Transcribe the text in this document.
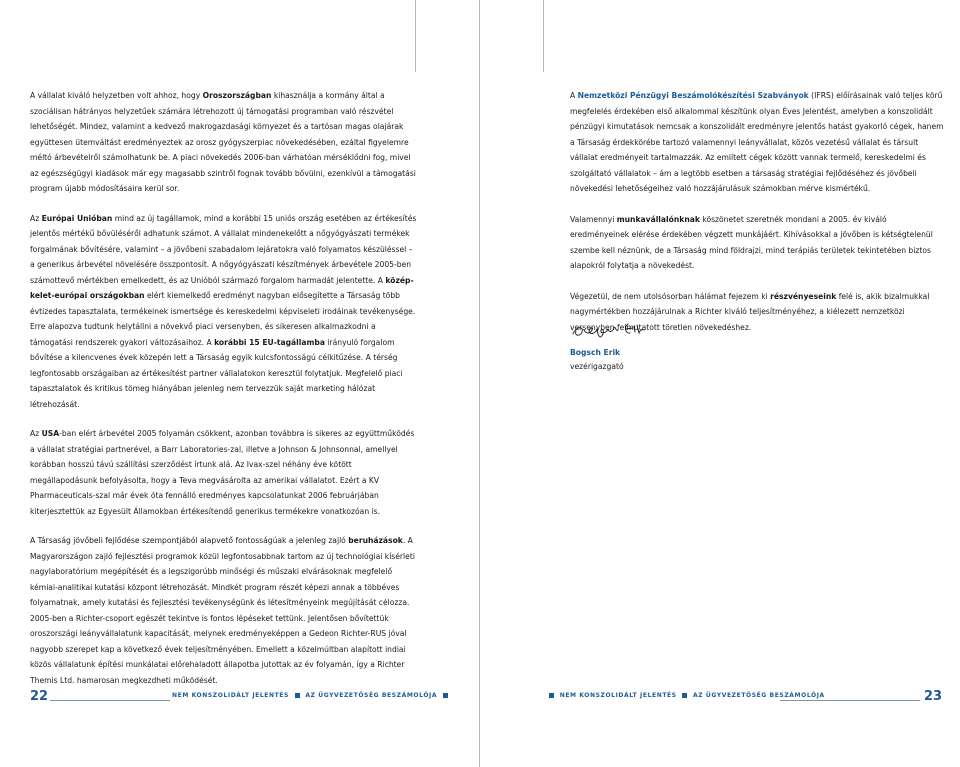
A vállalat kiváló helyzetben volt ahhoz, hogy Oroszországban kihasználja a kormány által a szociálisan hátrányos helyzetűek számára létrehozott új támogatási programban való részvétel lehetőségét. Mindez, valamint a kedvező makrogazdasági környezet és a tartósan magas olajárak együttesen ütemváltást eredményeztek az orosz gyógyszerpiac növekedésében, ezáltal figyelemre méltó árbevételről számolhatunk be. A piaci növekedés 2006-ban várhatóan mérséklődni fog, mivel az egészségügyi kiadások már egy magasabb szintről fognak tovább bővülni, ezenkívül a támogatási program újabb módosításaira kerül sor.

Az Európai Unióban mind az új tagállamok, mind a korábbi 15 uniós ország esetében az értékesítés jelentős mértékű bővüléséről adhatunk számot. A vállalat mindenekelőtt a nőgyógyászati termékek forgalmának bővítésére, valamint – a jövőbeni szabadalom lejáratokra való folyamatos készüléssel – a generikus árbevétel növelésére összpontosít. A nőgyógyászati készítmények árbevétele 2005-ben számottevő mértékben emelkedett, és az Unióból származó forgalom harmadát jelentette. A közép-kelet-európai országokban elért kiemelkedő eredményt nagyban elősegítette a Társaság több évtizedes tapasztalata, termékeinek ismertsége és kereskedelmi képviseleti irodáinak tevékenysége. Erre alapozva tudtunk helytállni a növekvő piaci versenyben, és sikeresen alkalmazkodni a támogatási rendszerek gyakori változásaihoz. A korábbi 15 EU-tagállamba irányuló forgalom bővítése a kilencvenes évek közepén lett a Társaság egyik kulcsfontosságú célkitűzése. A térség legfontosabb országaiban az értékesítést partner vállalatokon keresztül folytatjuk. Megfelelő piaci tapasztalatok és kritikus tömeg hiányában jelenleg nem tervezzük saját marketing hálózat létrehozását.

Az USA-ban elért árbevétel 2005 folyamán csökkent, azonban továbbra is sikeres az együttműködés a vállalat stratégiai partnerével, a Barr Laboratories-zal, illetve a Johnson & Johnsonnal, amellyel korábban hosszú távú szállítási szerződést írtunk alá. Az Ivax-szel néhány éve kötött megállapodásunk befolyásolta, hogy a Teva megvásárolta az amerikai vállalatot. Ezért a KV Pharmaceuticals-szal már évek óta fennálló eredményes kapcsolatunkat 2006 februárjában kiterjesztettük az Egyesült Államokban értékesítendő generikus termékekre vonatkozóan is.

A Társaság jövőbeli fejlődése szempontjából alapvető fontosságúak a jelenleg zajló beruházások. A Magyarországon zajló fejlesztési programok közül legfontosabbnak tartom az új technológiai kísérleti nagylaboratórium megépítését és a legszigorúbb minőségi és műszaki elvárásoknak megfelelő kémiai-analitikai kutatási központ létrehozását. Mindkét program részét képezi annak a többéves folyamatnak, amely kutatási és fejlesztési tevékenységünk és létesítményeink megújítását célozza. 2005-ben a Richter-csoport egészét tekintve is fontos lépéseket tettünk. Jelentősen bővítettük oroszországi leányvállalatunk kapacitását, melynek eredményeképpen a Gedeon Richter-RUS jóval nagyobb szerepet kap a következő évek teljesítményében. Emellett a közelmúltban alapított indiai közös vállalatunk építési munkálatai előrehaladott állapotba jutottak az év folyamán, így a Richter Themis Ltd. hamarosan megkezdheti működését.

A Nemzetközi Pénzügyi Beszámolókészítési Szabványok (IFRS) előírásainak való teljes körű megfelelés érdekében első alkalommal készítünk olyan Éves Jelentést, amelyben a konszolidált pénzügyi kimutatások nemcsak a konszolidált eredményre jelentős hatást gyakorló cégek, hanem a Társaság érdekkörébe tartozó valamennyi leányvállalat, közös vezetésű vállalat és társult vállalat eredményeit tartalmazzák. Az említett cégek között vannak termelő, kereskedelmi és szolgáltató vállalatok – ám a legtöbb esetben a társaság stratégiai fejlődéséhez és jövőbeli növekedési lehetőségeihez való hozzájárulásuk számokban mérve kismértékű.

Valamennyi munkavállalónknak köszönetet szeretnék mondani a 2005. év kiváló eredményeinek elérése érdekében végzett munkájáért. Kihívásokkal a jövőben is kétségtelenül szembe kell néznünk, de a Társaság mind földrajzi, mind terápiás területek tekintetében biztos alapokról folytatja a növekedést.

Végezetül, de nem utolsósorban hálámat fejezem ki részvényeseink felé is, akik bizalmukkal nagymértékben hozzájárulnak a Richter kiváló teljesítményéhez, a kiélezett nemzetközi versenyben felmutatott töretlen növekedéshez.

Bogsch Erik
vezérigazgató
22	NEM KONSZOLIDÁLT JELENTÉS	AZ ÜGYVEZETŐSÉG BESZÁMOLÓJA	NEM KONSZOLIDÁLT JELENTÉS	AZ ÜGYVEZETŐSÉG BESZÁMOLÓJA	23
